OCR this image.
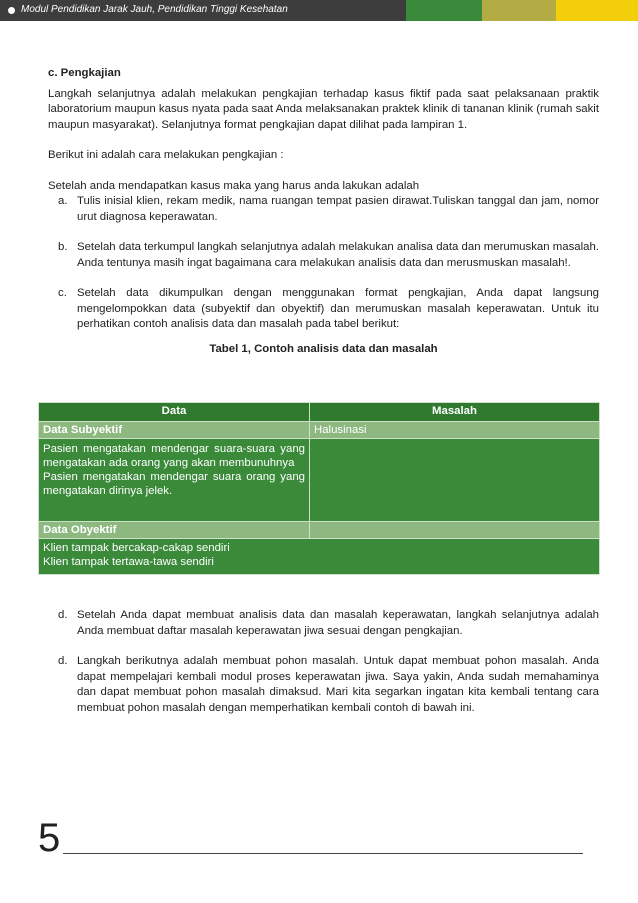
Modul Pendidikan Jarak Jauh, Pendidikan Tinggi Kesehatan
c. Pengkajian

Langkah selanjutnya adalah melakukan pengkajian terhadap kasus fiktif pada saat pelaksanaan praktik laboratorium maupun kasus nyata pada saat Anda melaksanakan praktek klinik di tananan klinik (rumah sakit maupun masyarakat). Selanjutnya format pengkajian dapat dilihat pada lampiran 1.

Berikut ini adalah cara melakukan pengkajian :

Setelah anda mendapatkan kasus maka yang harus anda lakukan adalah

a. Tulis inisial klien, rekam medik, nama ruangan tempat pasien dirawat.Tuliskan tanggal dan jam, nomor urut diagnosa keperawatan.
b. Setelah data terkumpul langkah selanjutnya adalah melakukan analisa data dan merumuskan masalah. Anda tentunya masih ingat bagaimana cara melakukan analisis data dan merusmuskan masalah!.
c. Setelah data dikumpulkan dengan menggunakan format pengkajian, Anda dapat langsung mengelompokkan data (subyektif dan obyektif) dan merumuskan masalah keperawatan. Untuk itu perhatikan contoh analisis data dan masalah pada tabel berikut:
Tabel 1, Contoh analisis data dan masalah
Data	Masalah
Data Subyektif	Halusinasi

Pasien mengatakan mendengar suara-suara yang mengatakan ada orang yang akan membunuhnya
Pasien mengatakan mendengar suara orang yang mengatakan dirinya jelek.	

Data Obyektif	

Klien tampak bercakap-cakap sendiri
Klien tampak tertawa-tawa sendiri	
d. Setelah Anda dapat membuat analisis data dan masalah keperawatan, langkah selanjutnya adalah Anda membuat daftar masalah keperawatan jiwa sesuai dengan pengkajian.
d. Langkah berikutnya adalah membuat pohon masalah. Untuk dapat membuat pohon masalah. Anda dapat mempelajari kembali modul proses keperawatan jiwa. Saya yakin, Anda sudah memahaminya dan dapat membuat pohon masalah dimaksud. Mari kita segarkan ingatan kita kembali tentang cara membuat pohon masalah dengan memperhatikan kembali contoh di bawah ini.
5
